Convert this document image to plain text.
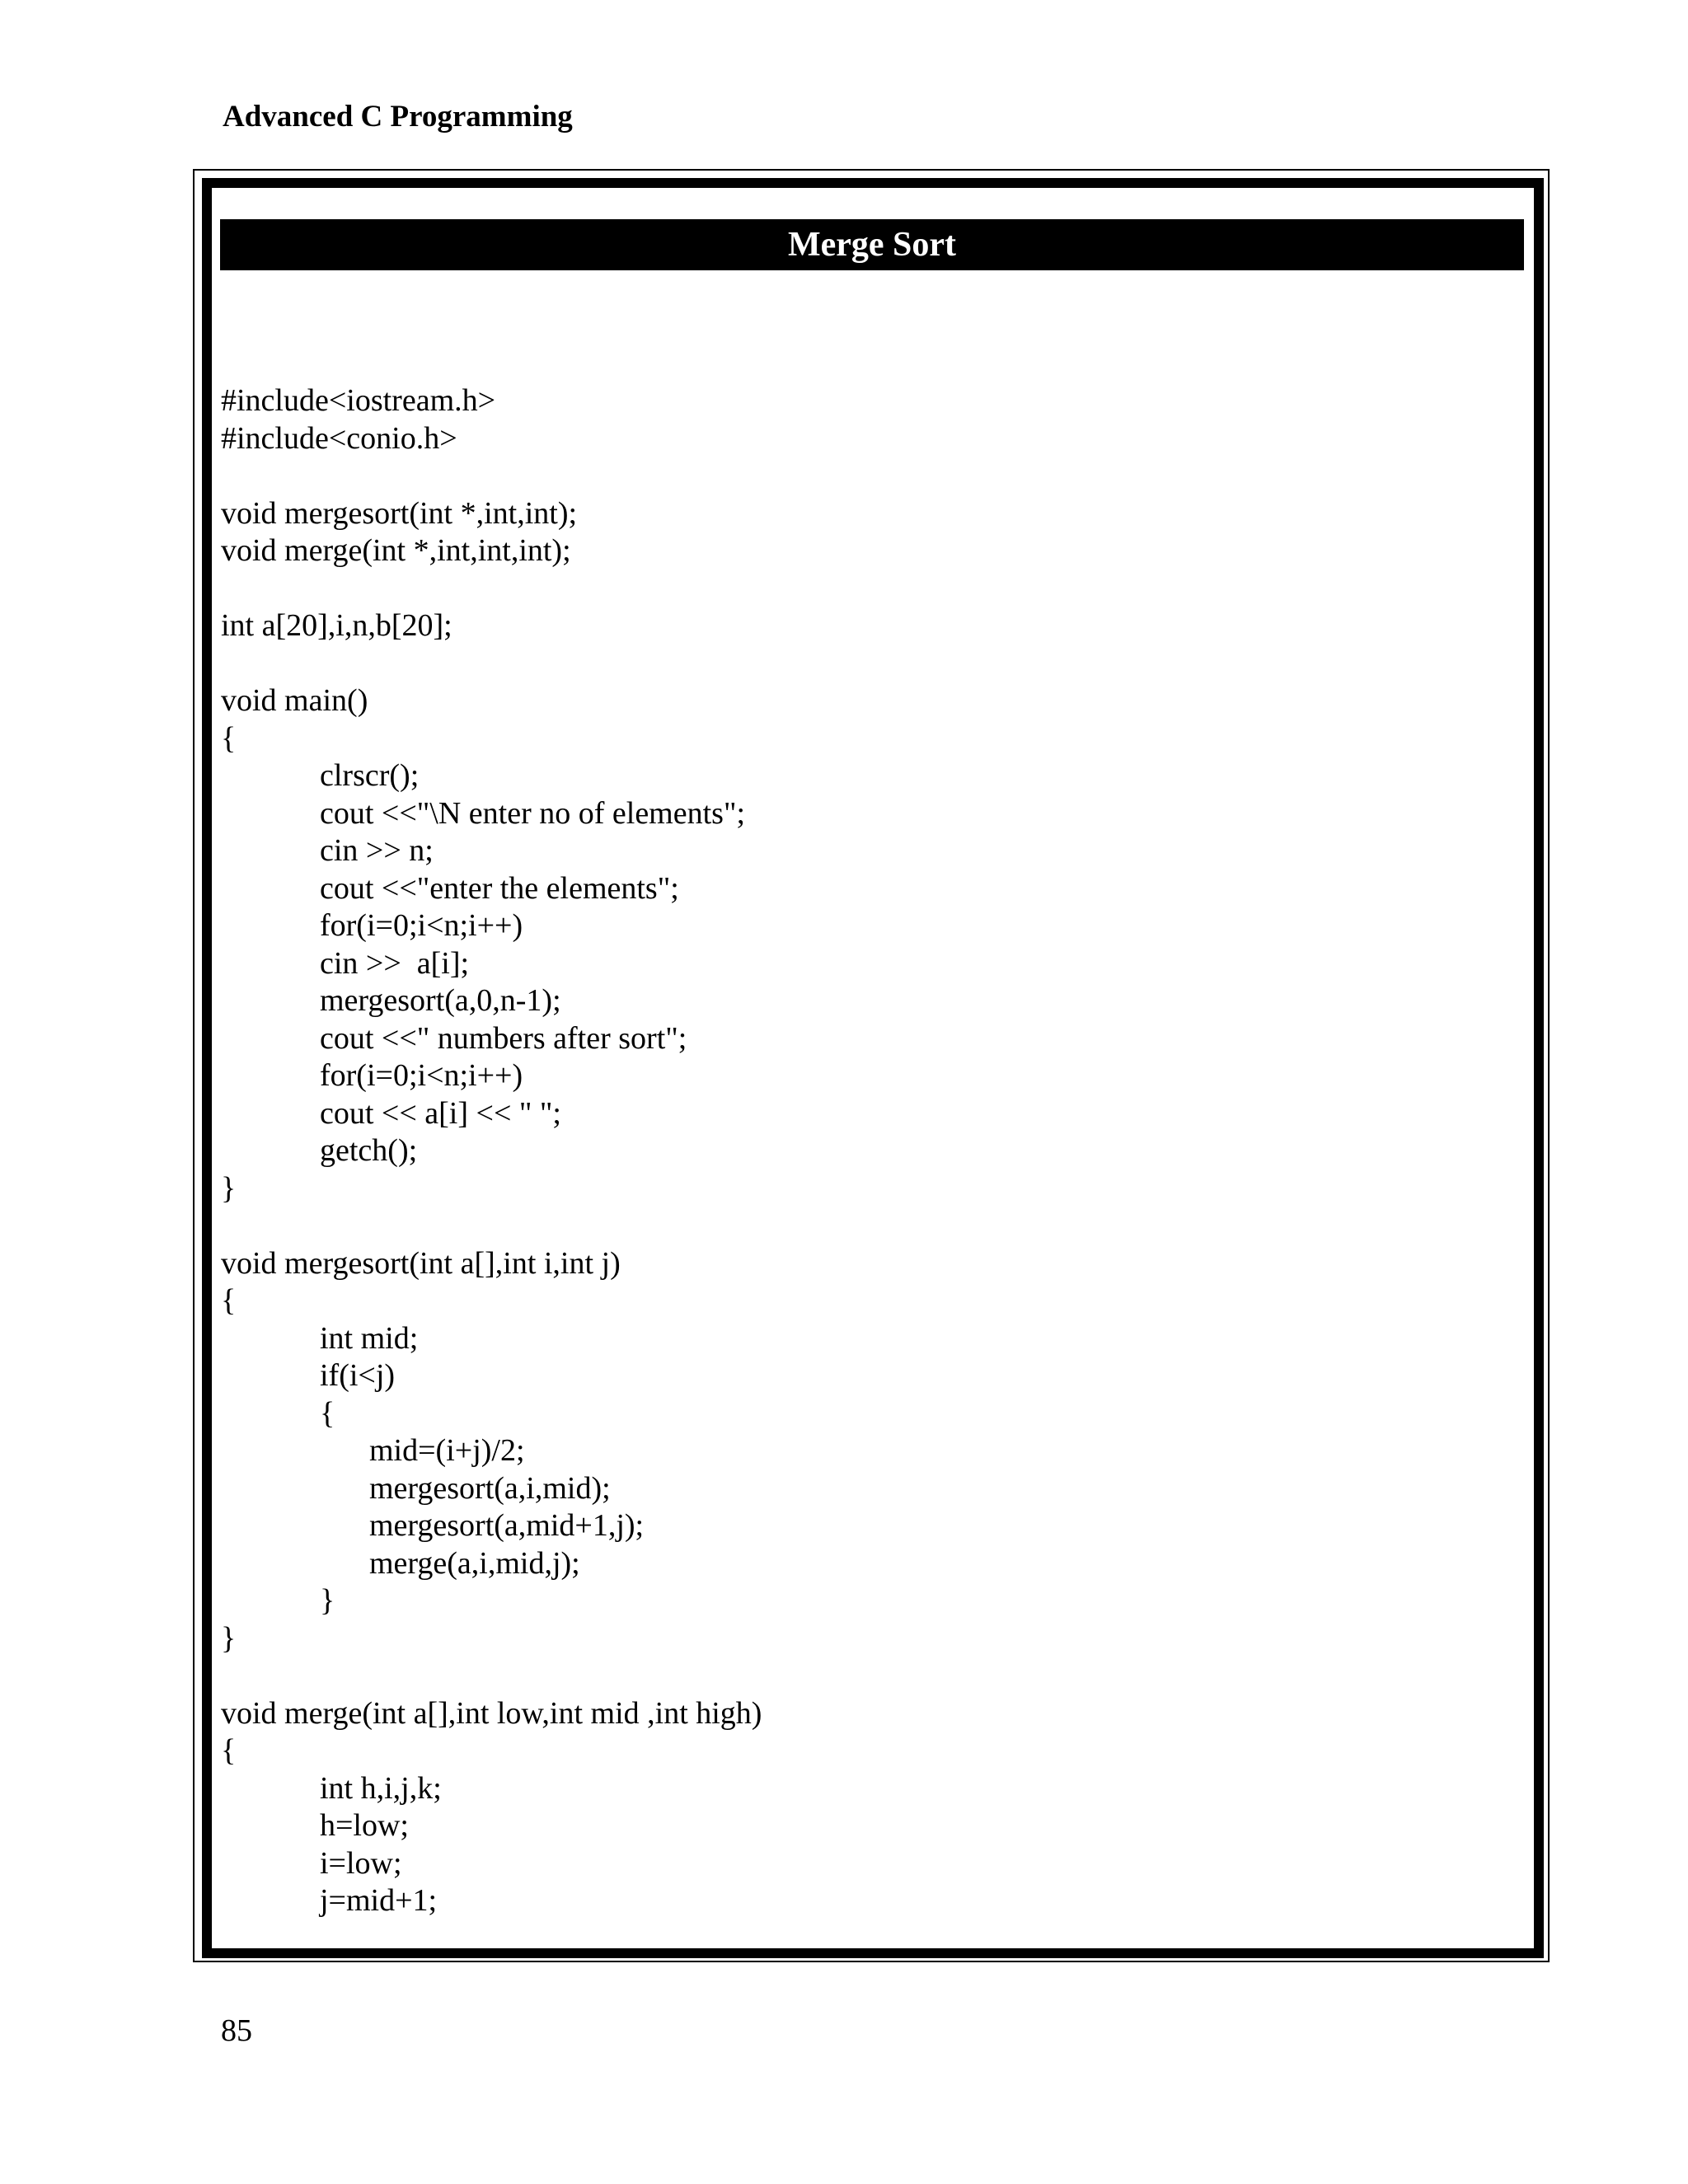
Advanced C Programming
Merge Sort
#include<iostream.h>
#include<conio.h>
void mergesort(int *,int,int);
void merge(int *,int,int,int);
int a[20],i,n,b[20];
void main()
{
clrscr();
cout <<"\N enter no of elements";
cin >> n;
cout <<"enter the elements";
for(i=0;i<n;i++)
cin >>  a[i];
mergesort(a,0,n-1);
cout <<" numbers after sort";
for(i=0;i<n;i++)
cout << a[i] << " ";
getch();
}
void mergesort(int a[],int i,int j)
{
int mid;
if(i<j)
{
mid=(i+j)/2;
mergesort(a,i,mid);
mergesort(a,mid+1,j);
merge(a,i,mid,j);
}
}
void merge(int a[],int low,int mid ,int high)
{
int h,i,j,k;
h=low;
i=low;
j=mid+1;
85
